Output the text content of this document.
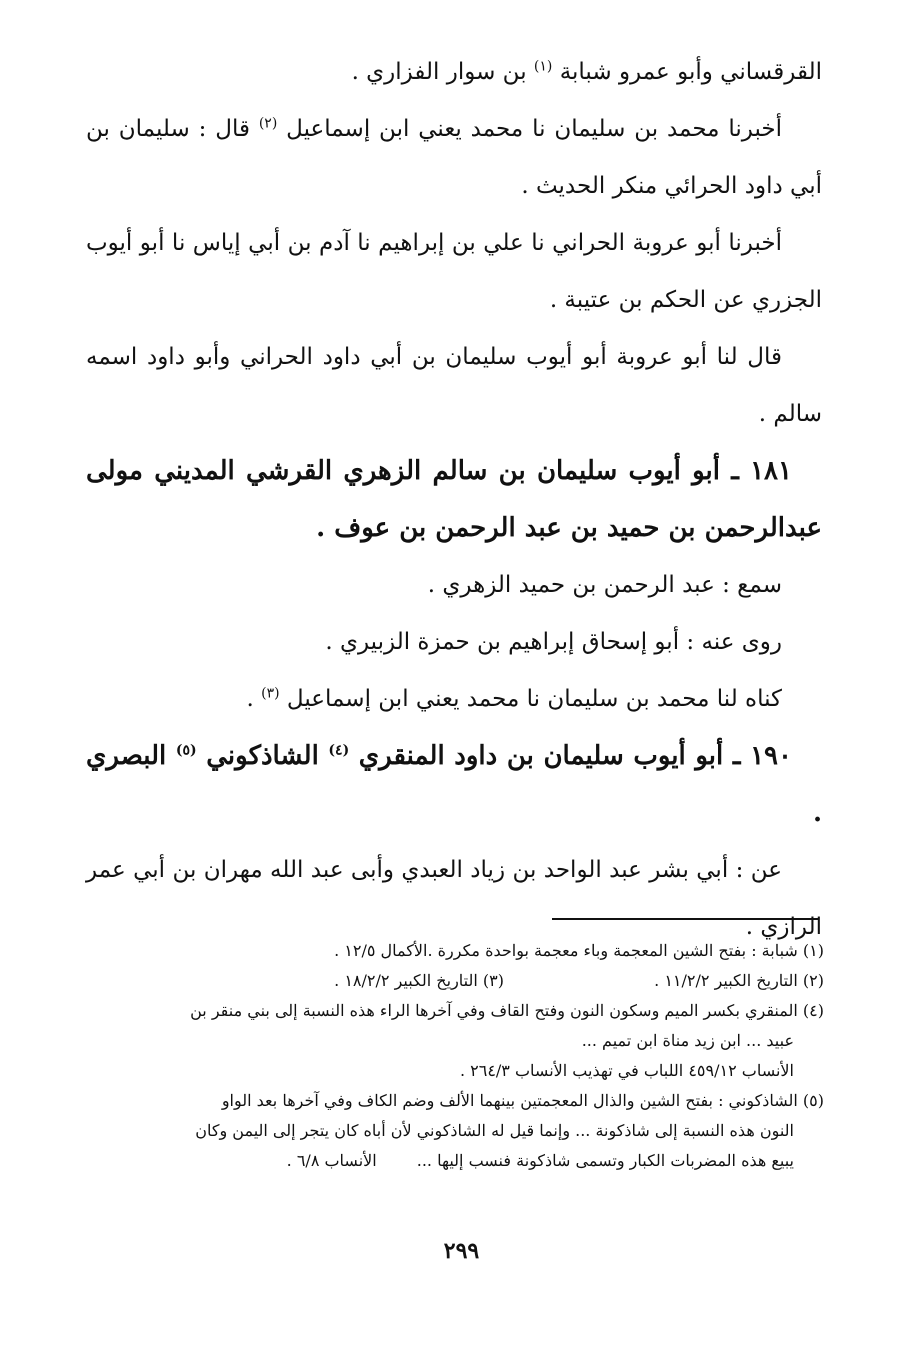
القرقساني وأبو عمرو شبابة $^{(١)}$ بن سوار الفزاري .

أخبرنا محمد بن سليمان نا محمد يعني ابن إسماعيل $^{(٢)}$ قال : سليمان بن أبي داود الحرائي منكر الحديث .

أخبرنا أبو عروبة الحراني نا علي بن إبراهيم نا آدم بن أبي إياس نا أبو أيوب الجزري عن الحكم بن عتيبة .

قال لنا أبو عروبة أبو أيوب سليمان بن أبي داود الحراني وأبو داود اسمه سالم .

١٨١ ـ أبو أيوب سليمان بن سالم الزهري القرشي المديني مولى عبدالرحمن بن حميد بن عبد الرحمن بن عوف .

سمع : عبد الرحمن بن حميد الزهري .

روى عنه : أبو إسحاق إبراهيم بن حمزة الزبيري .

كناه لنا محمد بن سليمان نا محمد يعني ابن إسماعيل $^{(٣)}$ .

١٩٠ ـ أبو أيوب سليمان بن داود المنقري $^{(٤)}$ الشاذكوني $^{(٥)}$ البصري .

عن : أبي بشر عبد الواحد بن زياد العبدي وأبى عبد الله مهران بن أبي عمر الرازي .

(١) شبابة : بفتح الشين المعجمة وباء معجمة بواحدة مكررة .الأكمال ١٢/٥ .

(٢) التاريخ الكبير ١١/٢/٢ .
(٣) التاريخ الكبير ١٨/٢/٢ .

(٤) المنقري بكسر الميم وسكون النون وفتح القاف وفي آخرها الراء هذه النسبة إلى بني منقر بن

عبيد ... ابن زيد مناة ابن تميم ...

الأنساب ٤٥٩/١٢ اللباب في تهذيب الأنساب ٢٦٤/٣ .

(٥) الشاذكوني : بفتح الشين والذال المعجمتين بينهما الألف وضم الكاف وفي آخرها بعد الواو

النون هذه النسبة إلى شاذكونة ... وإنما قيل له الشاذكوني لأن أباه كان يتجر إلى اليمن وكان

يبيع هذه المضربات الكبار وتسمى شاذكونة فنسب إليها ...
الأنساب ٦/٨ .
٢٩٩
